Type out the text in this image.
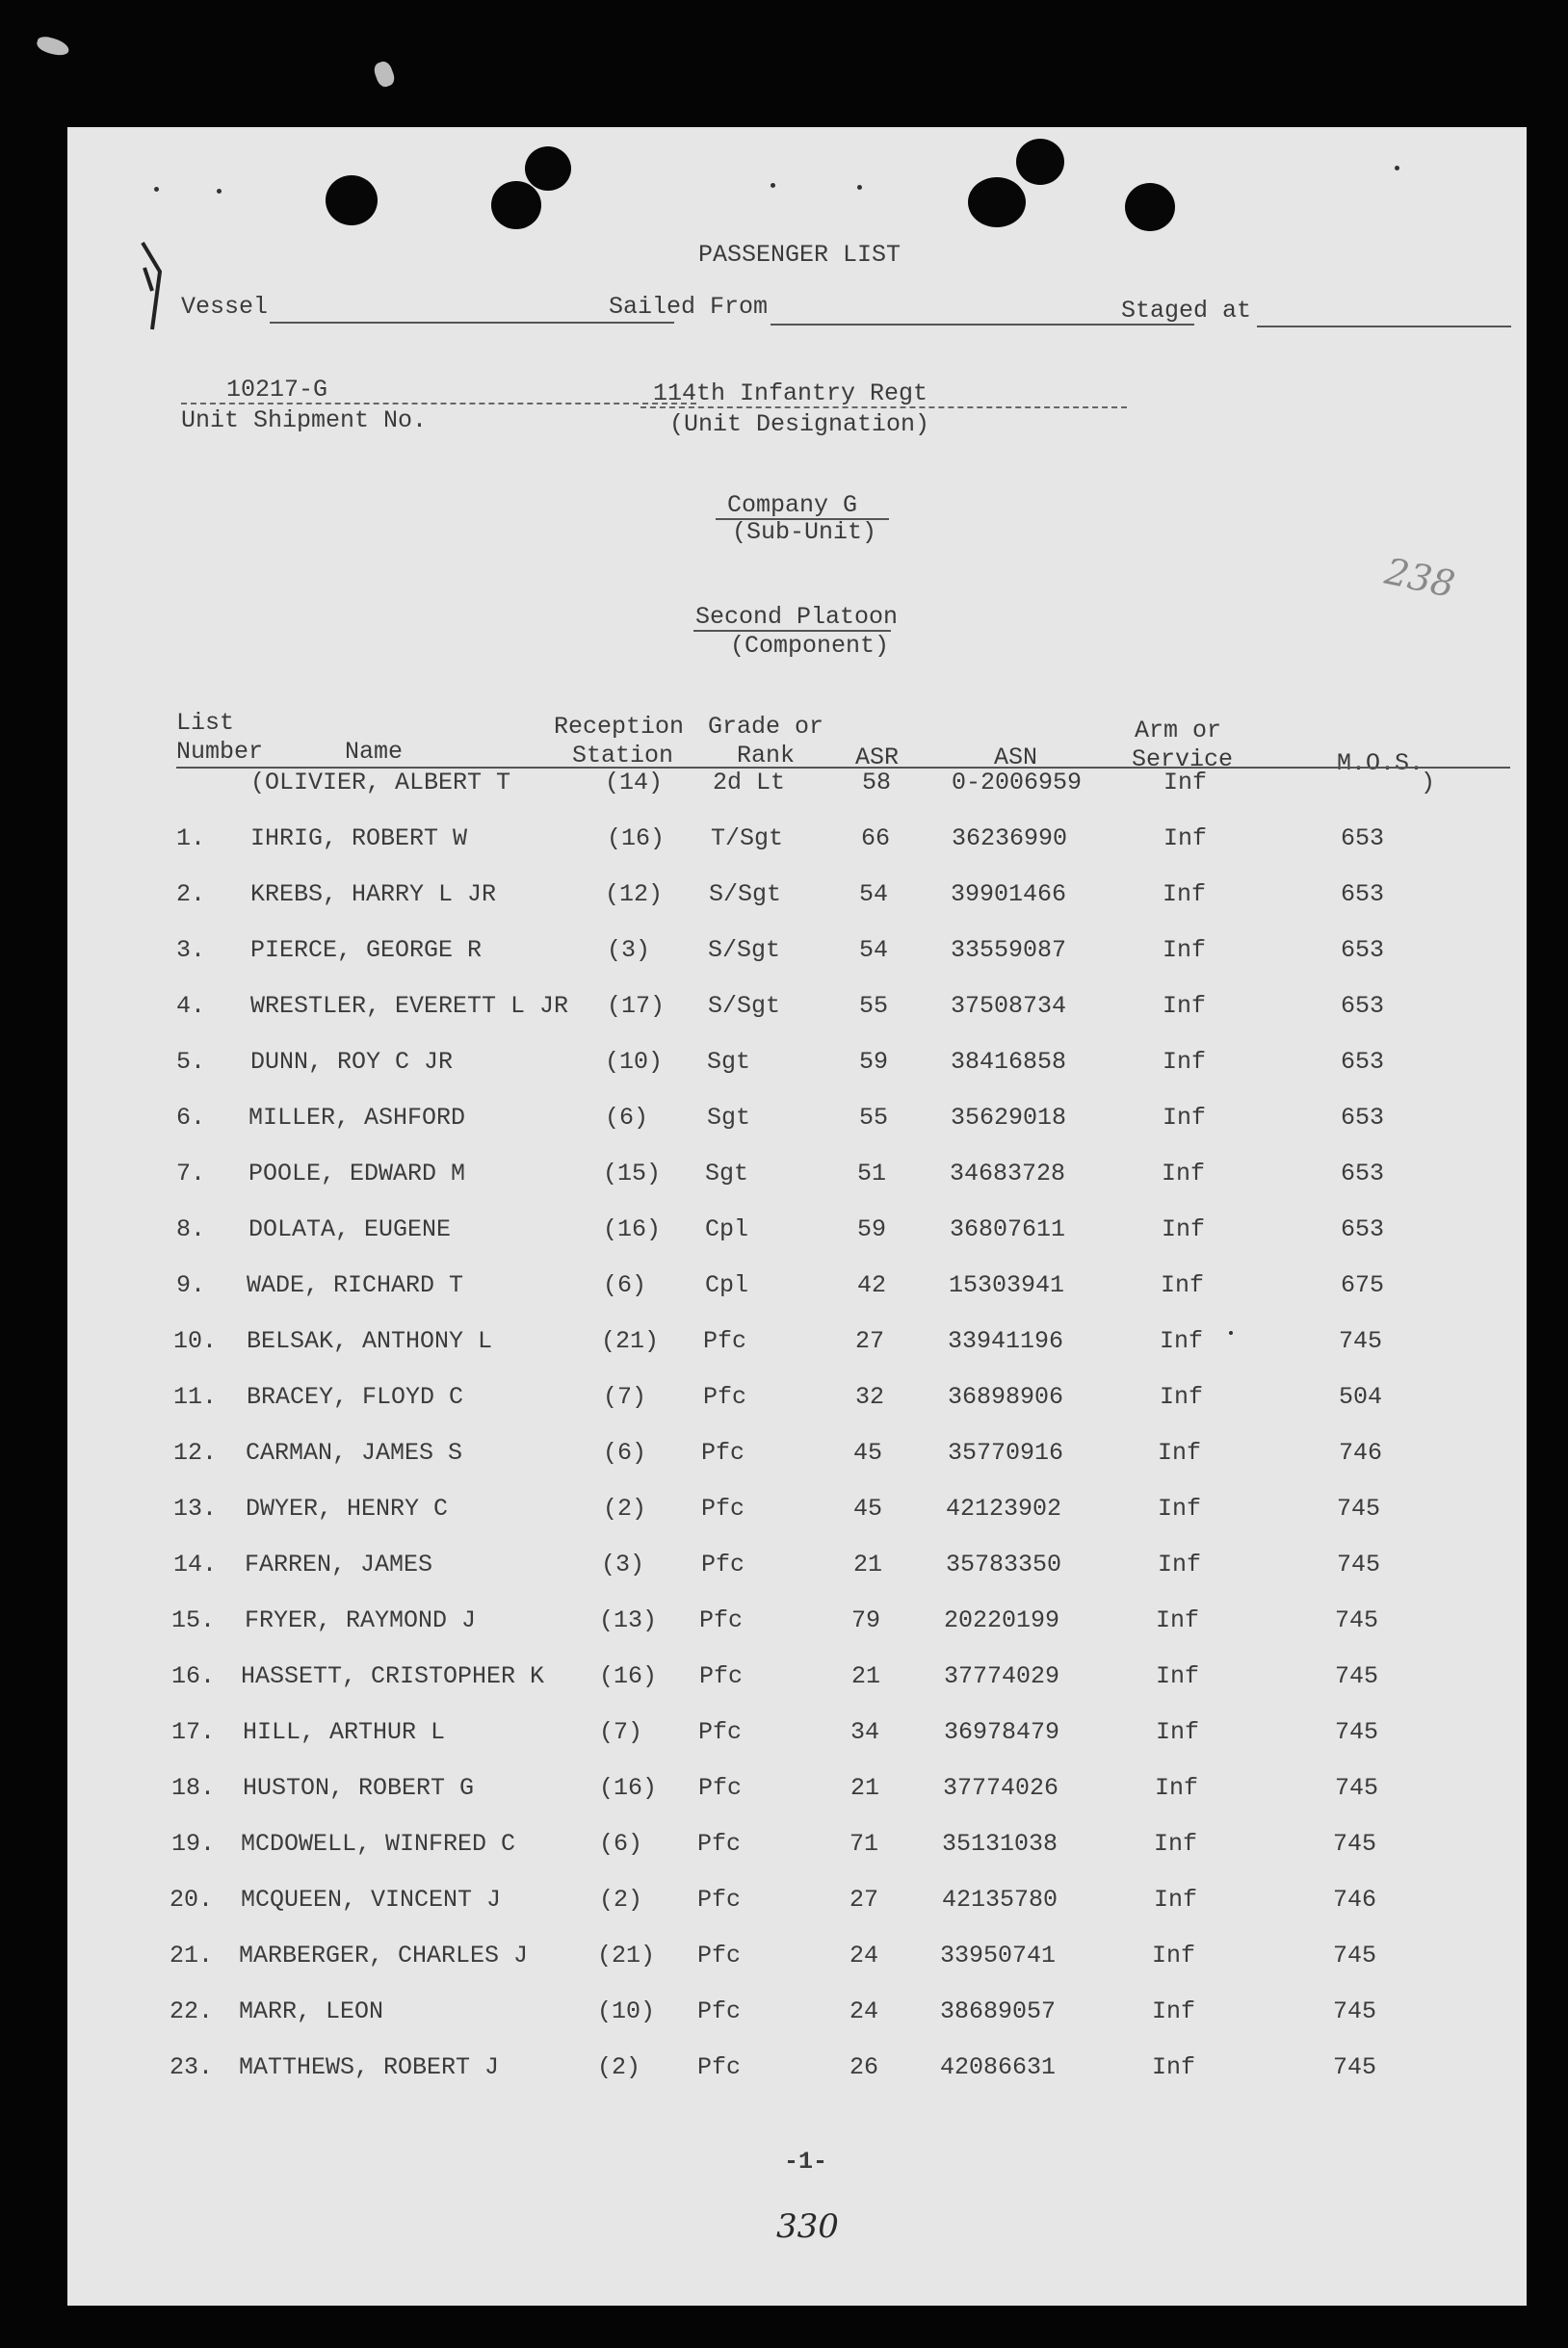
PASSENGER LIST
Vessel	Sailed From	Staged at
10217-G
Unit Shipment No.
114th Infantry Regt
(Unit Designation)
Company G
(Sub-Unit)
238
Second Platoon
(Component)
List
Number	Name
Reception
Station
Grade or
Rank	ASR	ASN
Arm or
Service	M.O.S.
(OLIVIER, ALBERT T	(14) 2d Lt	58	0-2006959	Inf	)
1. IHRIG, ROBERT W	(16) T/Sgt	66	36236990	Inf	653
2. KREBS, HARRY L JR	(12) S/Sgt	54	39901466	Inf	653
3. PIERCE, GEORGE R	(3) S/Sgt	54	33559087	Inf	653
4. WRESTLER, EVERETT L JR (17) S/Sgt	55	37508734	Inf	653
5. DUNN, ROY C JR	(10) Sgt	59	38416858	Inf	653
6. MILLER, ASHFORD	(6) Sgt	55	35629018	Inf	653
7. POOLE, EDWARD M	(15) Sgt	51	34683728	Inf	653
8. DOLATA, EUGENE	(16) Cpl	59	36807611	Inf	653
9. WADE, RICHARD T	(6) Cpl	42	15303941	Inf	675
10. BELSAK, ANTHONY L	(21) Pfc	27	33941196	Inf	745
11. BRACEY, FLOYD C	(7) Pfc	32	36898906	Inf	504
12. CARMAN, JAMES S	(6) Pfc	45	35770916	Inf	746
13. DWYER, HENRY C	(2) Pfc	45	42123902	Inf	745
14. FARREN, JAMES	(3) Pfc	21	35783350	Inf	745
15. FRYER, RAYMOND J	(13) Pfc	79	20220199	Inf	745
16. HASSETT, CRISTOPHER K (16) Pfc	21	37774029	Inf	745
17. HILL, ARTHUR L	(7) Pfc	34	36978479	Inf	745
18. HUSTON, ROBERT G	(16) Pfc	21	37774026	Inf	745
19. MCDOWELL, WINFRED C	(6) Pfc	71	35131038	Inf	745
20. MCQUEEN, VINCENT J	(2) Pfc	27	42135780	Inf	746
21. MARBERGER, CHARLES J	(21) Pfc	24	33950741	Inf	745
22. MARR, LEON	(10) Pfc	24	38689057	Inf	745
23. MATTHEWS, ROBERT J	(2) Pfc	26	42086631	Inf	745
-1-
330
